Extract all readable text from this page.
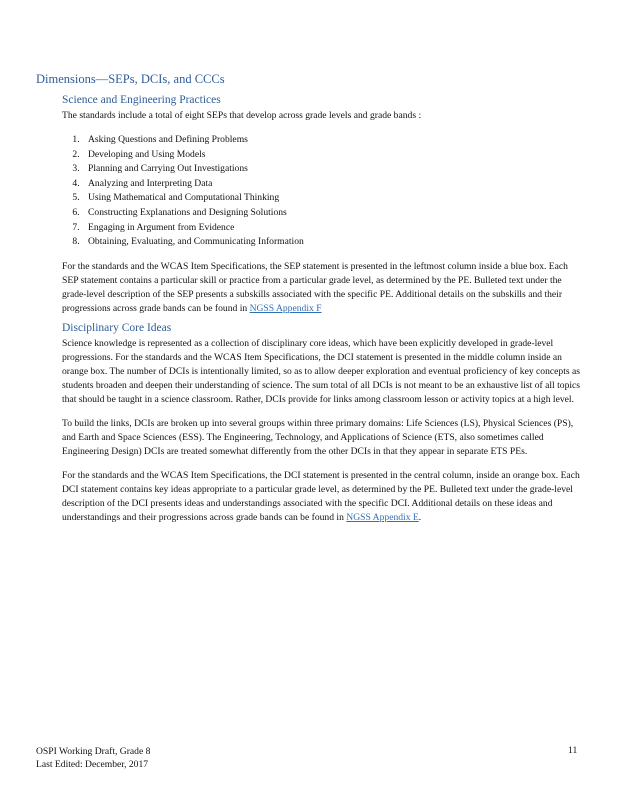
Dimensions—SEPs, DCIs, and CCCs
Science and Engineering Practices

The standards include a total of eight SEPs that develop across grade levels and grade bands :

1. Asking Questions and Defining Problems
2. Developing and Using Models
3. Planning and Carrying Out Investigations
4. Analyzing and Interpreting Data
5. Using Mathematical and Computational Thinking
6. Constructing Explanations and Designing Solutions
7. Engaging in Argument from Evidence
8. Obtaining, Evaluating, and Communicating Information

For the standards and the WCAS Item Specifications, the SEP statement is presented in the leftmost column inside a blue box. Each SEP statement contains a particular skill or practice from a particular grade level, as determined by the PE. Bulleted text under the grade-level description of the SEP presents a subskills associated with the specific PE. Additional details on the subskills and their progressions across grade bands can be found in NGSS Appendix F

Disciplinary Core Ideas

Science knowledge is represented as a collection of disciplinary core ideas, which have been explicitly developed in grade-level progressions. For the standards and the WCAS Item Specifications, the DCI statement is presented in the middle column inside an orange box. The number of DCIs is intentionally limited, so as to allow deeper exploration and eventual proficiency of key concepts as students broaden and deepen their understanding of science. The sum total of all DCIs is not meant to be an exhaustive list of all topics that should be taught in a science classroom. Rather, DCIs provide for links among classroom lesson or activity topics at a high level.

To build the links, DCIs are broken up into several groups within three primary domains: Life Sciences (LS), Physical Sciences (PS), and Earth and Space Sciences (ESS). The Engineering, Technology, and Applications of Science (ETS, also sometimes called Engineering Design) DCIs are treated somewhat differently from the other DCIs in that they appear in separate ETS PEs.

For the standards and the WCAS Item Specifications, the DCI statement is presented in the central column, inside an orange box. Each DCI statement contains key ideas appropriate to a particular grade level, as determined by the PE. Bulleted text under the grade-level description of the DCI presents ideas and understandings associated with the specific DCI. Additional details on these ideas and understandings and their progressions across grade bands can be found in NGSS Appendix E.

OSPI Working Draft, Grade 8
Last Edited: December, 2017
11
